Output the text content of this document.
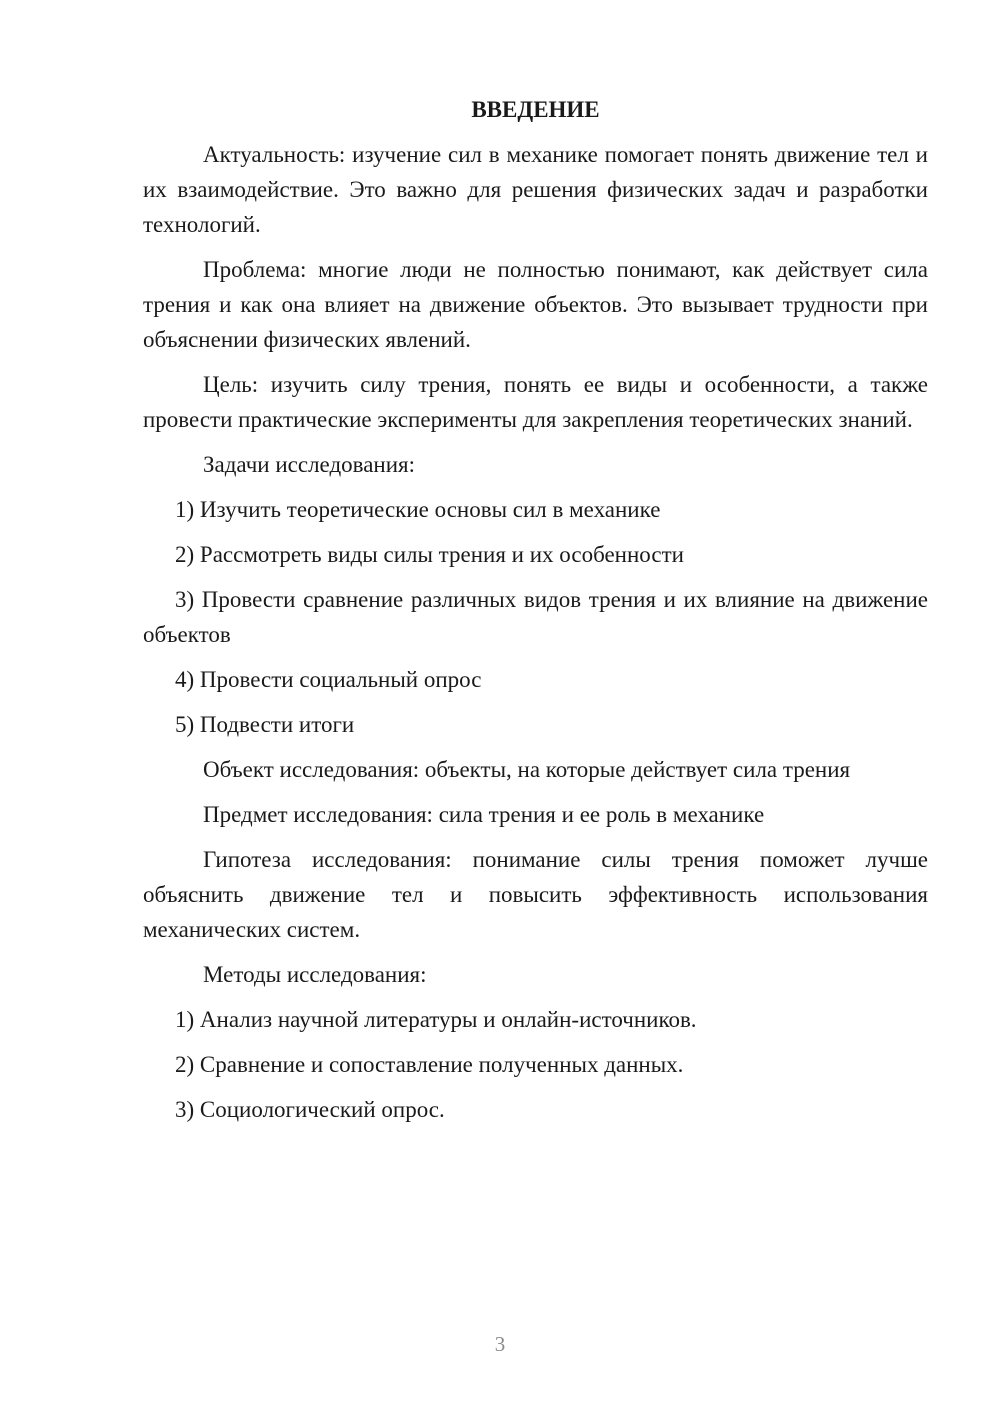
ВВЕДЕНИЕ

Актуальность: изучение сил в механике помогает понять движение тел и их взаимодействие. Это важно для решения физических задач и разработки технологий.

Проблема: многие люди не полностью понимают, как действует сила трения и как она влияет на движение объектов. Это вызывает трудности при объяснении физических явлений.

Цель: изучить силу трения, понять ее виды и особенности, а также провести практические эксперименты для закрепления теоретических знаний.

Задачи исследования:

1) Изучить теоретические основы сил в механике

2) Рассмотреть виды силы трения и их особенности

3) Провести сравнение различных видов трения и их влияние на движение объектов

4) Провести социальный опрос

5) Подвести итоги

Объект исследования: объекты, на которые действует сила трения

Предмет исследования: сила трения и ее роль в механике

Гипотеза исследования: понимание силы трения поможет лучше объяснить движение тел и повысить эффективность использования механических систем.

Методы исследования:

1) Анализ научной литературы и онлайн-источников.

2) Сравнение и сопоставление полученных данных.

3) Социологический опрос.

3
